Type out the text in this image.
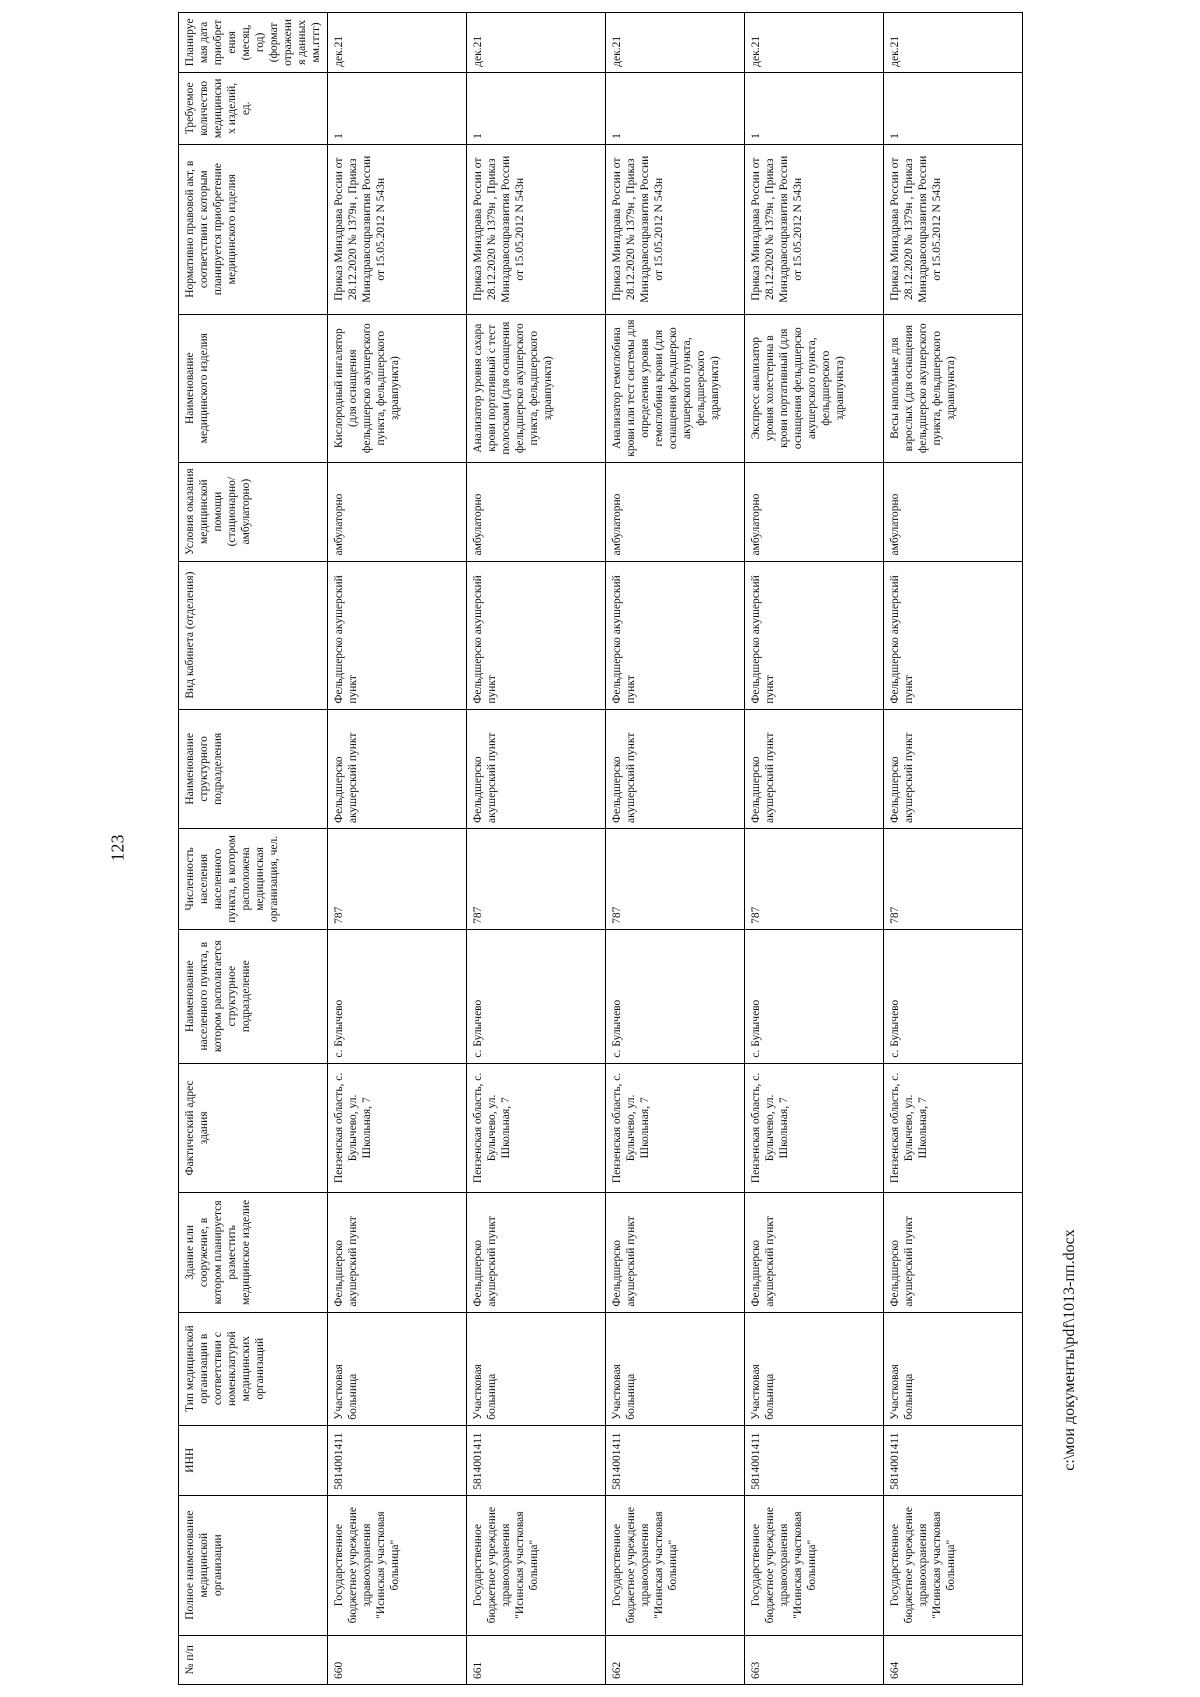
123
№ п/п	Полное наименование медицинской организации	ИНН	Тип медицинской организации в соответствии с номенклатурой медицинских организаций	Здание или сооружение, в котором планируется разместить медицинское изделие	Фактический адрес здания	Наименование населенного пункта, в котором располагается структурное подразделение	Численность населения населенного пункта, в котором расположена медицинская организация, чел.	Наименование структурного подразделения	Вид кабинета (отделения)	Условия оказания медицинской помощи (стационарно/амбулаторно)	Наименование медицинского изделия	Нормативно правовой акт, в соответствии с которым планируется приобретение медицинского изделия	Требуемое количество медицинских изделий, ед.	Планируемая дата приобретения (месяц, год) (формат отражения данных мм.гггг)
660	Государственное бюджетное учреждение здравоохранения "Исинская участковая больница"	5814001411	Участковая больница	Фельдшерско акушерский пункт	Пензенская область, с. Булычево, ул. Школьная, 7	с. Булычево	787	Фельдшерско акушерский пункт	Фельдшерско акушерский пункт	амбулаторно	Кислородный ингалятор (для оснащения фельдшерско акушерского пункта, фельдшерского здравпункта)	Приказ Минздрава России от 28.12.2020 № 1379н , Приказ Минздравсоцразвития России от 15.05.2012 N 543н	1	дек.21
661	Государственное бюджетное учреждение здравоохранения "Исинская участковая больница"	5814001411	Участковая больница	Фельдшерско акушерский пункт	Пензенская область, с. Булычево, ул. Школьная, 7	с. Булычево	787	Фельдшерско акушерский пункт	Фельдшерско акушерский пункт	амбулаторно	Анализатор уровня сахара крови портативный с тест полосками (для оснащения фельдшерско акушерского пункта, фельдшерского здравпункта)	Приказ Минздрава России от 28.12.2020 № 1379н , Приказ Минздравсоцразвития России от 15.05.2012 N 543н	1	дек.21
662	Государственное бюджетное учреждение здравоохранения "Исинская участковая больница"	5814001411	Участковая больница	Фельдшерско акушерский пункт	Пензенская область, с. Булычево, ул. Школьная, 7	с. Булычево	787	Фельдшерско акушерский пункт	Фельдшерско акушерский пункт	амбулаторно	Анализатор гемоглобина крови или тест системы для определения уровня гемоглобина крови (для оснащения фельдшерско акушерского пункта, фельдшерского здравпункта)	Приказ Минздрава России от 28.12.2020 № 1379н , Приказ Минздравсоцразвития России от 15.05.2012 N 543н	1	дек.21
663	Государственное бюджетное учреждение здравоохранения "Исинская участковая больница"	5814001411	Участковая больница	Фельдшерско акушерский пункт	Пензенская область, с. Булычево, ул. Школьная, 7	с. Булычево	787	Фельдшерско акушерский пункт	Фельдшерско акушерский пункт	амбулаторно	Экспресс анализатор уровня холестерина в крови портативный (для оснащения фельдшерско акушерского пункта, фельдшерского здравпункта)	Приказ Минздрава России от 28.12.2020 № 1379н , Приказ Минздравсоцразвития России от 15.05.2012 N 543н	1	дек.21
664	Государственное бюджетное учреждение здравоохранения "Исинская участковая больница"	5814001411	Участковая больница	Фельдшерско акушерский пункт	Пензенская область, с. Булычево, ул. Школьная, 7	с. Булычево	787	Фельдшерско акушерский пункт	Фельдшерско акушерский пункт	амбулаторно	Весы напольные для взрослых (для оснащения фельдшерско акушерского пункта, фельдшерского здравпункта)	Приказ Минздрава России от 28.12.2020 № 1379н , Приказ Минздравсоцразвития России от 15.05.2012 N 543н	1	дек.21
c:\мои документы\pdf\1013-пп.docx
